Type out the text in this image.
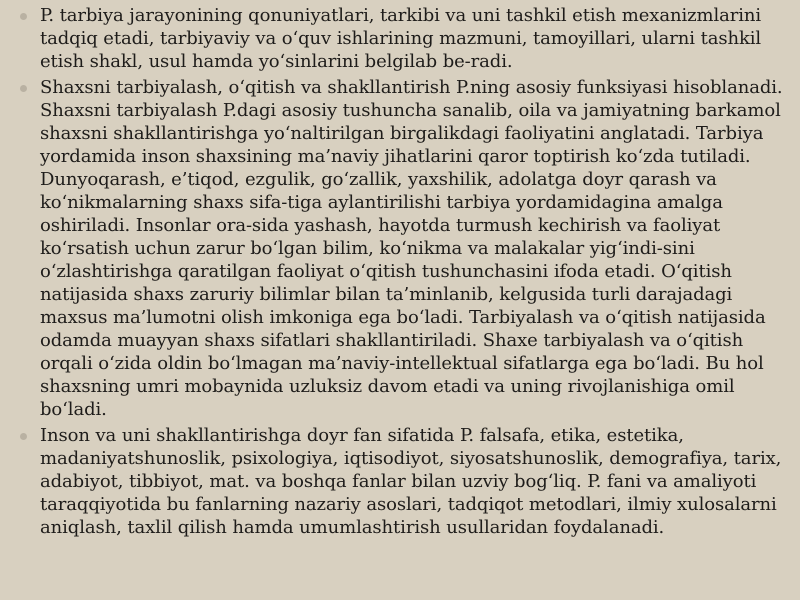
P. tarbiya jarayonining qonuniyatlari, tarkibi va uni tashkil etish mexanizmlarini tadqiq etadi, tarbiyaviy va o‘quv ishlarining mazmuni, tamoyillari, ularni tashkil etish shakl, usul hamda yo‘sinlarini belgilab be-radi.
Shaxsni tarbiyalash, o‘qitish va shakllantirish P.ning asosiy funksiyasi hisoblanadi. Shaxsni tarbiyalash P.dagi asosiy tushuncha sanalib, oila va jamiyatning barkamol shaxsni shakllantirishga yo‘naltirilgan birgalikdagi faoliyatini anglatadi. Tarbiya yordamida inson shaxsining ma’naviy jihatlarini qaror toptirish ko‘zda tutiladi. Dunyoqarash, e’tiqod, ezgulik, go‘zallik, yaxshilik, adolatga doyr qarash va ko‘nikmalarning shaxs sifa-tiga aylantirilishi tarbiya yordamidagina amalga oshiriladi. Insonlar ora-sida yashash, hayotda turmush kechirish va faoliyat ko‘rsatish uchun zarur bo‘lgan bilim, ko‘nikma va malakalar yig‘indi-sini o‘zlashtirishga qaratilgan faoliyat o‘qitish tushunchasini ifoda etadi. O‘qitish natijasida shaxs zaruriy bilimlar bilan ta’minlanib, kelgusida turli darajadagi maxsus ma’lumotni olish imkoniga ega bo‘ladi. Tarbiyalash va o‘qitish natijasida odamda muayyan shaxs sifatlari shakllantiriladi. Shaxe tarbiyalash va o‘qitish orqali o‘zida oldin bo‘lmagan ma’naviy-intellektual sifatlarga ega bo‘ladi. Bu hol shaxsning umri mobaynida uzluksiz davom etadi va uning rivojlanishiga omil bo‘ladi.
Inson va uni shakllantirishga doyr fan sifatida P. falsafa, etika, estetika, madaniyatshunoslik, psixologiya, iqtisodiyot, siyosatshunoslik, demografiya, tarix, adabiyot, tibbiyot, mat. va boshqa fanlar bilan uzviy bog‘liq. P. fani va amaliyoti taraqqiyotida bu fanlarning nazariy asoslari, tadqiqot metodlari, ilmiy xulosalarni aniqlash, taxlil qilish hamda umumlashtirish usullaridan foydalanadi.
